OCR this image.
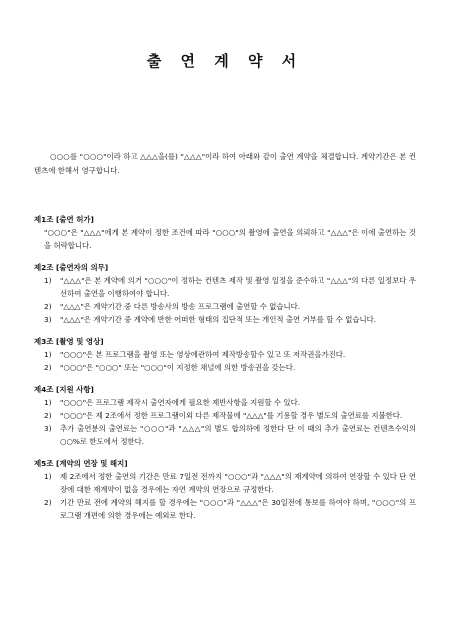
출 연 계 약 서
○○○를 "○○○"이라 하고 △△△을(를) "△△△"이라 하여 아래와 같이 출연 계약을 체결합니다. 계약기간은 본 컨텐츠에 한해서 영구합니다.
제1조 [출연 허가]
"○○○"은 "△△△"에게 본 계약이 정한 조건에 따라 "○○○"의 촬영에 출연을 의뢰하고 "△△△"은 이에 출연하는 것을 허락합니다.
제2조 [출연자의 의무]
1)	"△△△"은 본 계약에 의거 "○○○"이 정하는 컨텐츠 제작 및 촬영 일정을 준수하고 "△△△"의 다른 일정보다 우선하여 출연을 이행하여야 합니다.
2)	"△△△"은 계약기간 중 다른 방송사의 방송 프로그램에 출연할 수 없습니다.
3)	"△△△"은 계약기간 중 계약에 반한 어떠한 형태의 집단적 또는 개인적 출연 거부를 할 수 없습니다.
제3조 [촬영 및 영상]
1)	"○○○"은 본 프로그램을 촬영 또는 영상에관하여 제작방송할수 있고 또 저작권을가진다.
2)	"○○○"은 "○○○" 또는 "○○○"이 지정한 채널에 의한 방송권을 갖는다.
제4조 [지원 사항]
1)	"○○○"은 프로그램 제작시 출연자에게 필요한 제반사항을 지원할 수 있다.
2)	"○○○"은 제 2조에서 정한 프로그램이외 다른 제작물에 "△△△"를 기용할 경우 별도의 출연료를 지불한다.
3)	추가 출연분의 출연료는 "○○○"과 "△△△"의 별도 합의하에 정한다 단 이 때의 추가 출연료는 컨텐츠수익의 ○○%로 한도에서 정한다.
제5조 [계약의 연장 및 해지]
1)	제 2조에서 정한 출연의 기간은 만료 7일전 전까지 "○○○"과 "△△△"의 재계약에 의하여 연장할 수 있다 단 연장에 대한 재계약이 없을 경우에는 자연 계약의 연장으로 규정한다.
2)	기간 만료 전에 계약의 해지를 할 경우에는 "○○○"과 "△△△"은 30일전에 통보를 하여야 하며, "○○○"의 프로그램 개편에 의한 경우에는 예외로 한다.
